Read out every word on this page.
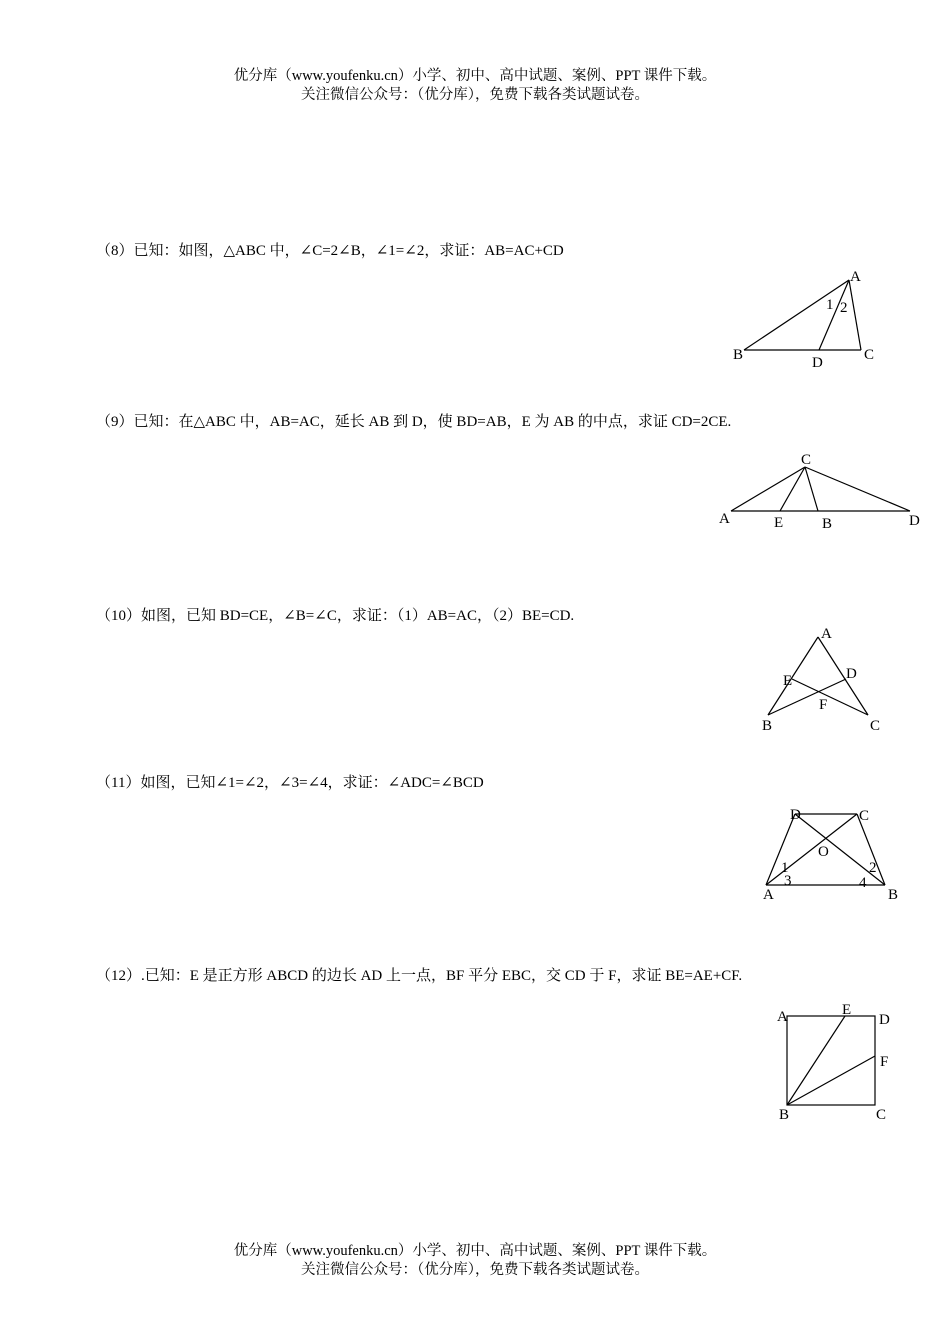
优分库（www.youfenku.cn）小学、初中、高中试题、案例、PPT 课件下载。
关注微信公众号：（优分库），免费下载各类试题试卷。
（8）已知：如图，△ABC 中，∠C=2∠B，∠1=∠2，求证：AB=AC+CD
A
B	C
D
1 2
（9）已知：在△ABC 中，AB=AC，延长 AB 到 D，使 BD=AB，E 为 AB 的中点，求证 CD=2CE.
C
A	E	B	D
（10）如图，已知 BD=CE，∠B=∠C，求证：（1）AB=AC，（2）BE=CD.
A
E	D
F
B	C
（11）如图，已知∠1=∠2，∠3=∠4，求证：∠ADC=∠BCD
D	C
O
1
3
2
4
A	B
（12）.已知：E 是正方形 ABCD 的边长 AD 上一点，BF 平分 EBC，交 CD 于 F，求证 BE=AE+CF.
A	E
D
F
B	C
优分库（www.youfenku.cn）小学、初中、高中试题、案例、PPT 课件下载。
关注微信公众号：（优分库），免费下载各类试题试卷。
